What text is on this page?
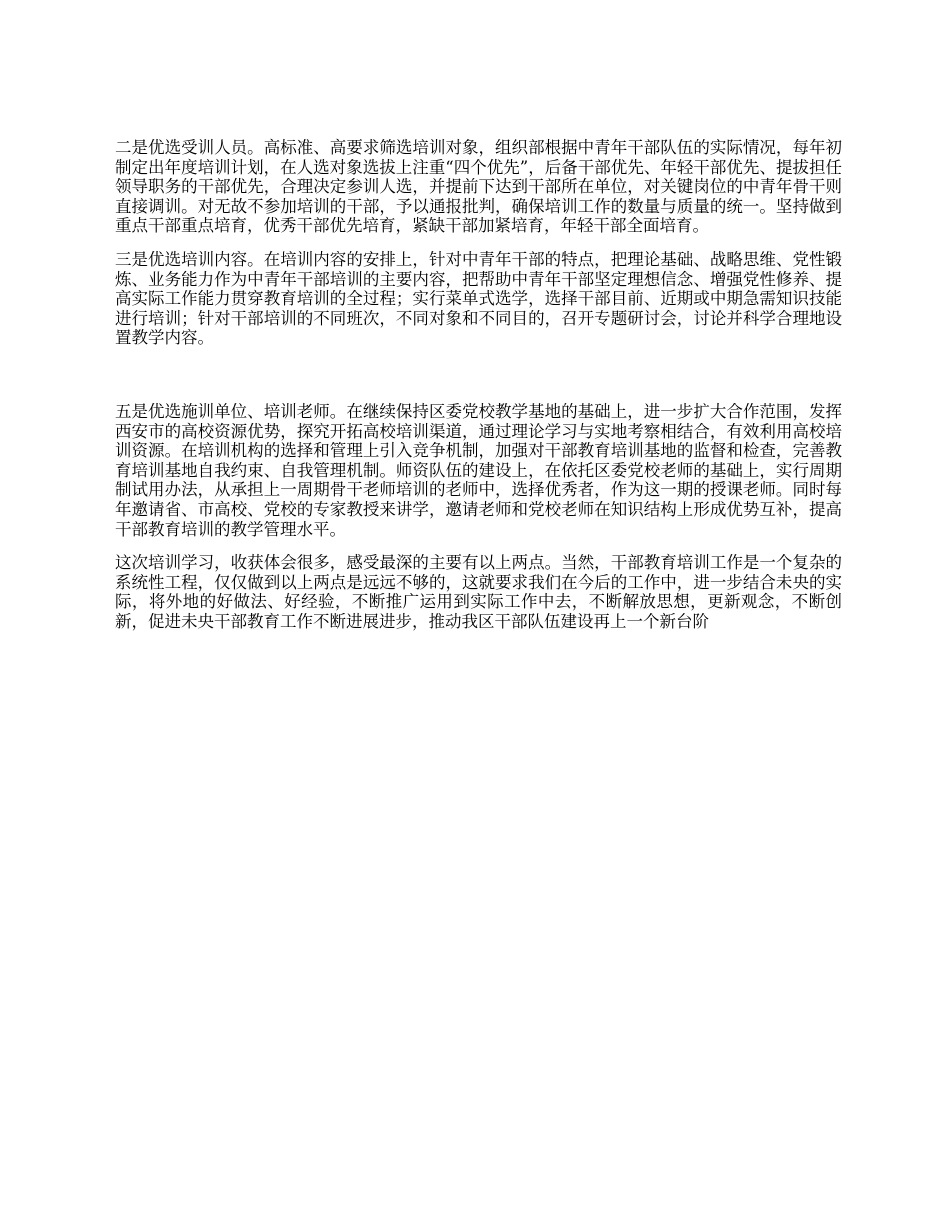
二是优选受训人员。高标准、高要求筛选培训对象，组织部根据中青年干部队伍的实际情况，每年初制定出年度培训计划，在人选对象选拔上注重“四个优先”，后备干部优先、年轻干部优先、提拔担任领导职务的干部优先，合理决定参训人选，并提前下达到干部所在单位，对关键岗位的中青年骨干则直接调训。对无故不参加培训的干部，予以通报批判，确保培训工作的数量与质量的统一。坚持做到重点干部重点培育，优秀干部优先培育，紧缺干部加紧培育，年轻干部全面培育。

三是优选培训内容。在培训内容的安排上，针对中青年干部的特点，把理论基础、战略思维、党性锻炼、业务能力作为中青年干部培训的主要内容，把帮助中青年干部坚定理想信念、增强党性修养、提高实际工作能力贯穿教育培训的全过程；实行菜单式选学，选择干部目前、近期或中期急需知识技能进行培训；针对干部培训的不同班次，不同对象和不同目的，召开专题研讨会，讨论并科学合理地设置教学内容。

五是优选施训单位、培训老师。在继续保持区委党校教学基地的基础上，进一步扩大合作范围，发挥西安市的高校资源优势，探究开拓高校培训渠道，通过理论学习与实地考察相结合，有效利用高校培训资源。在培训机构的选择和管理上引入竞争机制，加强对干部教育培训基地的监督和检查，完善教育培训基地自我约束、自我管理机制。师资队伍的建设上，在依托区委党校老师的基础上，实行周期制试用办法，从承担上一周期骨干老师培训的老师中，选择优秀者，作为这一期的授课老师。同时每年邀请省、市高校、党校的专家教授来讲学，邀请老师和党校老师在知识结构上形成优势互补，提高干部教育培训的教学管理水平。

这次培训学习，收获体会很多，感受最深的主要有以上两点。当然，干部教育培训工作是一个复杂的系统性工程，仅仅做到以上两点是远远不够的，这就要求我们在今后的工作中，进一步结合未央的实际，将外地的好做法、好经验，不断推广运用到实际工作中去，不断解放思想，更新观念，不断创新，促进未央干部教育工作不断进展进步，推动我区干部队伍建设再上一个新台阶
